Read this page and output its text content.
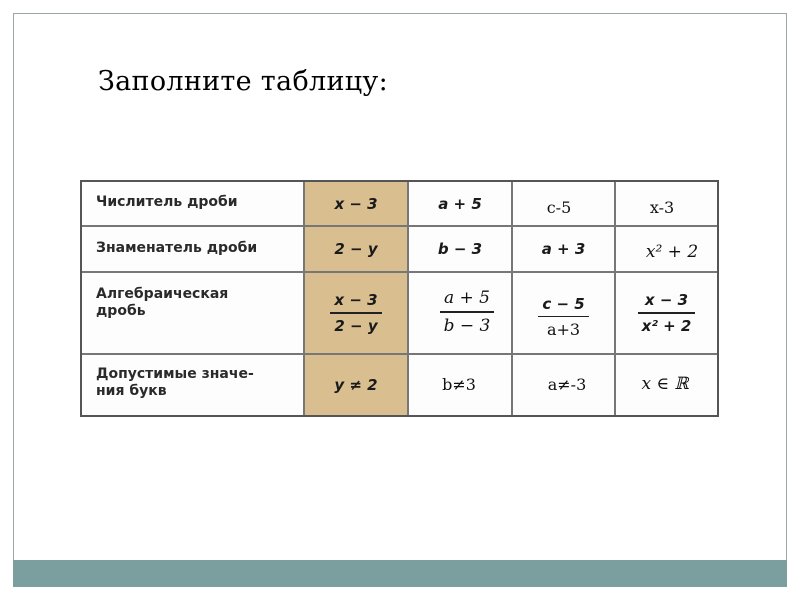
Заполните таблицу:
Числитель дроби
Знаменатель дроби
Алгебраическая
дробь
Допустимые значе-
ния букв
x − 3
2 − y
$\frac{x - 3}{2 - y}$
y ≠ 2
a + 5
b − 3
$\frac{a + 5}{b - 3}$
b≠3
c-5
a + 3
$\frac{c - 5}{a+3}$
a≠-3
x-3
x² + 2
$\frac{x - 3}{\text{x² + 2}}$
x ∈ ℝ
